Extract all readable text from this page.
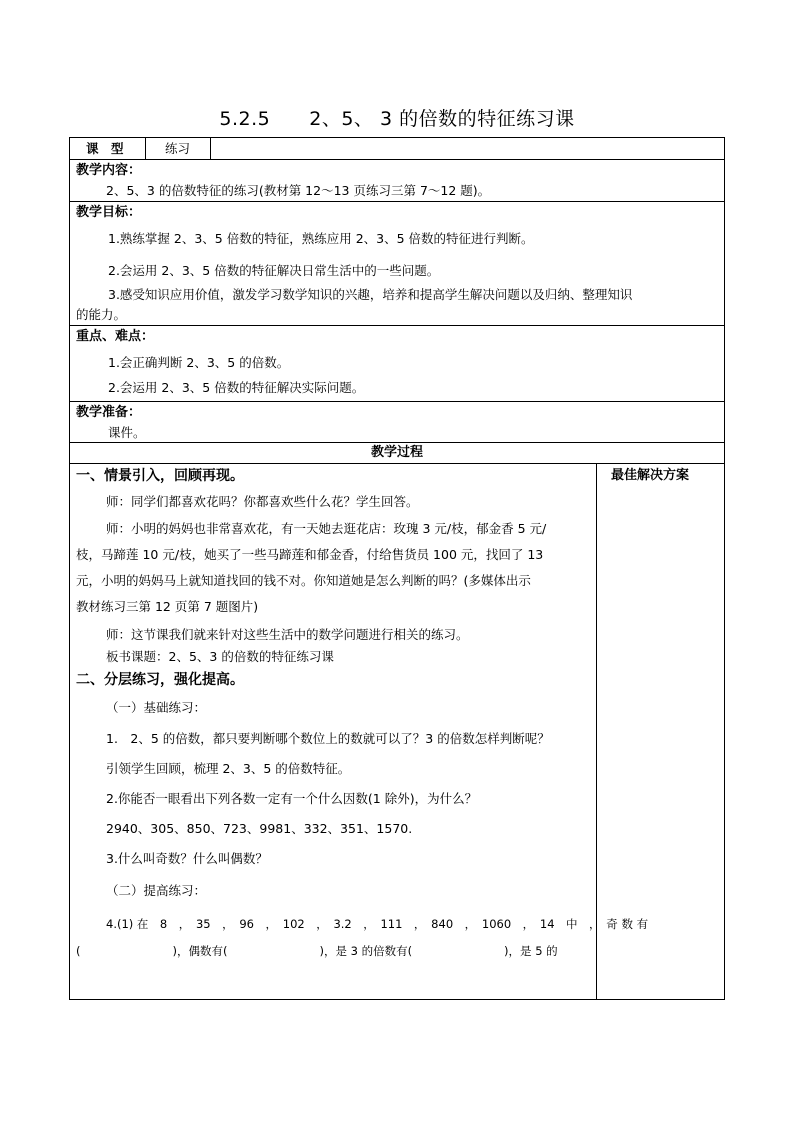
5.2.5　　2、5、 3 的倍数的特征练习课
课　型	练习
教学内容：
2、5、3 的倍数特征的练习(教材第 12～13 页练习三第 7～12 题)。
教学目标：
1.熟练掌握 2、3、5 倍数的特征，熟练应用 2、3、5 倍数的特征进行判断。
2.会运用 2、3、5 倍数的特征解决日常生活中的一些问题。
3.感受知识应用价值，激发学习数学知识的兴趣，培养和提高学生解决问题以及归纳、整理知识
的能力。
重点、难点：
1.会正确判断 2、3、5 的倍数。
2.会运用 2、3、5 倍数的特征解决实际问题。
教学准备：
课件。
教学过程
最佳解决方案
一、情景引入，回顾再现。
师：同学们都喜欢花吗？你都喜欢些什么花？学生回答。
师：小明的妈妈也非常喜欢花，有一天她去逛花店：玫瑰 3 元/枝，郁金香 5 元/
枝，马蹄莲 10 元/枝，她买了一些马蹄莲和郁金香，付给售货员 100 元，找回了 13
元，小明的妈妈马上就知道找回的钱不对。你知道她是怎么判断的吗？(多媒体出示
教材练习三第 12 页第 7 题图片)
师：这节课我们就来针对这些生活中的数学问题进行相关的练习。
板书课题：2、5、3 的倍数的特征练习课
二、分层练习，强化提高。
（一）基础练习：
1.　2、5 的倍数，都只要判断哪个数位上的数就可以了？3 的倍数怎样判断呢？
引领学生回顾，梳理 2、3、5 的倍数特征。
2.你能否一眼看出下列各数一定有一个什么因数(1 除外)，为什么？
2940、305、850、723、9981、332、351、1570.
3.什么叫奇数？什么叫偶数？
（二）提高练习：
4.(1) 在　8　，　35　，　96　，　102　，　3.2　，　111　，　840　，　1060　，　14　中　，　奇 数 有
(　　　　　　　　)，偶数有(　　　　　　　　)，是 3 的倍数有(　　　　　　　　)，是 5 的
